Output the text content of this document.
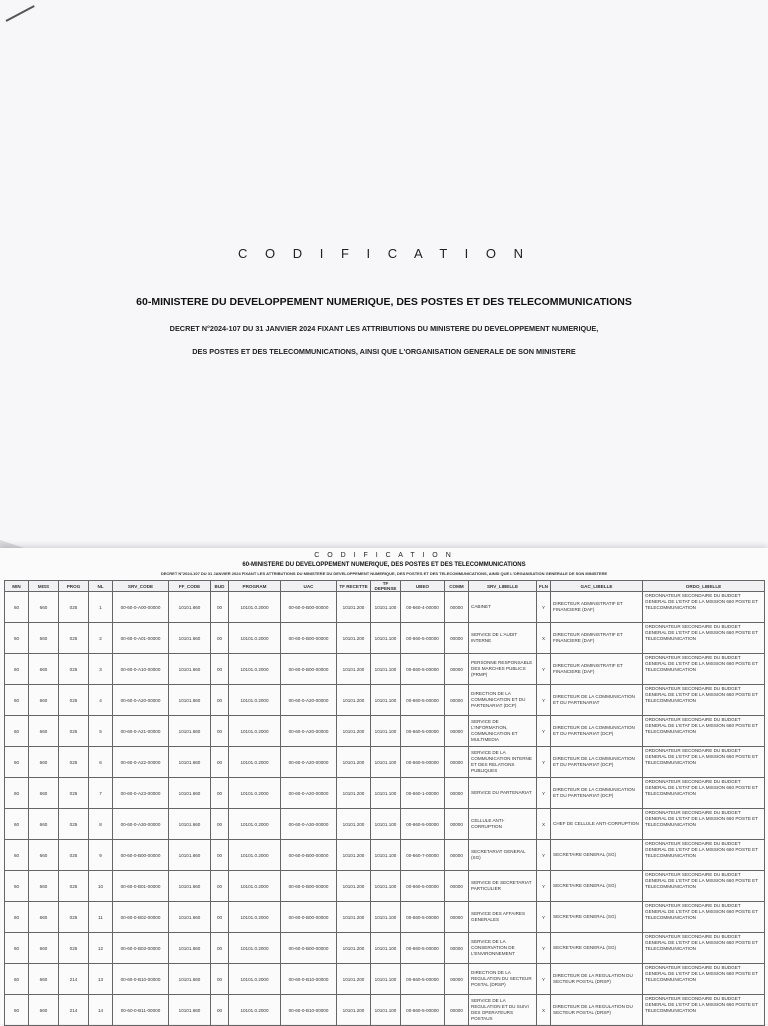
C O D I F I C A T I O N
60-MINISTERE DU DEVELOPPEMENT NUMERIQUE, DES POSTES ET DES TELECOMMUNICATIONS
DECRET N°2024-107 DU 31 JANVIER 2024 FIXANT LES ATTRIBUTIONS DU MINISTERE DU DEVELOPPEMENT NUMERIQUE,
DES POSTES ET DES TELECOMMUNICATIONS, AINSI QUE L'ORGANISATION GENERALE DE SON MINISTERE
C O D I F I C A T I O N
60-MINISTERE DU DEVELOPPEMENT NUMERIQUE, DES POSTES ET DES TELECOMMUNICATIONS
DECRET N°2024-107 DU 31 JANVIER 2024 FIXANT LES ATTRIBUTIONS DU MINISTERE DU DEVELOPPEMENT NUMERIQUE, DES POSTES ET DES TELECOMMUNICATIONS, AINSI QUE L'ORGANISATION GENERALE DE SON MINISTERE
MIN	MISS	PROG	NL	SRV_CODE	FF_CODE	BUD	PROGRAM	UAC	TF RECETTE	TF DEPENSE	UBEO	COMM	SRV_LIBELLE	FLN	GAC_LIBELLE	ORDO_LIBELLE
60	660	025	1	00-60-0-A00-00000	10101.660	00	10101.0.2000	00-60-0-B00-00000	10101.200	10101.100	00-660-4-00000	00000	CABINET	Y	DIRECTEUR ADMINISTRATIF ET FINANCIERE (DAF)	ORDONNATEUR SECONDAIRE DU BUDGET GENERAL DE L'ETAT DE LA MISSION 660 POSTE ET TELECOMMUNICATION
60	660	025	2	00-60-0-A01-00000	10101.660	00	10101.0.2000	00-60-0-B00-00000	10101.200	10101.100	00-660-5-00000	00000	SERVICE DE L'AUDIT INTERNE	X	DIRECTEUR ADMINISTRATIF ET FINANCIERE (DAF)	ORDONNATEUR SECONDAIRE DU BUDGET GENERAL DE L'ETAT DE LA MISSION 660 POSTE ET TELECOMMUNICATION
60	660	025	3	00-60-0-A10-00000	10101.660	00	10101.0.2000	00-60-0-B00-00000	10101.200	10101.100	00-660-5-00000	00000	PERSONNE RESPONSABLE DES MARCHES PUBLICS (PRMP)	Y	DIRECTEUR ADMINISTRATIF ET FINANCIERE (DAF)	ORDONNATEUR SECONDAIRE DU BUDGET GENERAL DE L'ETAT DE LA MISSION 660 POSTE ET TELECOMMUNICATION
60	660	025	4	00-60-0-A20-00000	10101.660	00	10101.0.2000	00-60-0-A20-00000	10101.200	10101.100	00-660-5-00000	00000	DIRECTION DE LA COMMUNICATION ET DU PARTENARIAT (DCP)	Y	DIRECTEUR DE LA COMMUNICATION ET DU PARTENARIAT	ORDONNATEUR SECONDAIRE DU BUDGET GENERAL DE L'ETAT DE LA MISSION 660 POSTE ET TELECOMMUNICATION
60	660	025	5	00-60-0-A21-00000	10101.660	00	10101.0.2000	00-60-0-A20-00000	10101.200	10101.100	00-660-5-00000	00000	SERVICE DE L'INFORMATION, COMMUNICATION ET MULTIMEDIA	Y	DIRECTEUR DE LA COMMUNICATION ET DU PARTENARIAT (DCP)	ORDONNATEUR SECONDAIRE DU BUDGET GENERAL DE L'ETAT DE LA MISSION 660 POSTE ET TELECOMMUNICATION
60	660	025	6	00-60-0-A22-00000	10101.660	00	10101.0.2000	00-60-0-A20-00000	10101.200	10101.100	00-660-5-00000	00000	SERVICE DE LA COMMUNICATION INTERNE ET DES RELATIONS PUBLIQUES	Y	DIRECTEUR DE LA COMMUNICATION ET DU PARTENARIAT (DCP)	ORDONNATEUR SECONDAIRE DU BUDGET GENERAL DE L'ETAT DE LA MISSION 660 POSTE ET TELECOMMUNICATION
60	660	025	7	00-60-0-A23-00000	10101.660	00	10101.0.2000	00-60-0-A20-00000	10101.200	10101.100	00-660-1-00000	00000	SERVICE DU PARTENARIAT	Y	DIRECTEUR DE LA COMMUNICATION ET DU PARTENARIAT (DCP)	ORDONNATEUR SECONDAIRE DU BUDGET GENERAL DE L'ETAT DE LA MISSION 660 POSTE ET TELECOMMUNICATION
60	660	025	8	00-60-0-A30-00000	10101.660	00	10101.0.2000	00-60-0-A30-00000	10101.200	10101.100	00-660-5-00000	00000	CELLULE ANTI-CORRUPTION	X	CHEF DE CELLULE ANTI-CORRUPTION	ORDONNATEUR SECONDAIRE DU BUDGET GENERAL DE L'ETAT DE LA MISSION 660 POSTE ET TELECOMMUNICATION
60	660	025	9	00-60-0-B00-00000	10101.660	00	10101.0.2000	00-60-0-B00-00000	10101.200	10101.100	00-660-7-00000	00000	SECRETARIAT GENERAL (SG)	Y	SECRETAIRE GENERAL (SG)	ORDONNATEUR SECONDAIRE DU BUDGET GENERAL DE L'ETAT DE LA MISSION 660 POSTE ET TELECOMMUNICATION
60	660	025	10	00-60-0-B01-00000	10101.660	00	10101.0.2000	00-60-0-B00-00000	10101.200	10101.100	00-660-5-00000	00000	SERVICE DE SECRETARIAT PARTICULIER	Y	SECRETAIRE GENERAL (SG)	ORDONNATEUR SECONDAIRE DU BUDGET GENERAL DE L'ETAT DE LA MISSION 660 POSTE ET TELECOMMUNICATION
60	660	025	11	00-60-0-B02-00000	10101.660	00	10101.0.2000	00-60-0-B00-00000	10101.200	10101.100	00-660-5-00000	00000	SERVICE DES AFFAIRES GENERALES	Y	SECRETAIRE GENERAL (SG)	ORDONNATEUR SECONDAIRE DU BUDGET GENERAL DE L'ETAT DE LA MISSION 660 POSTE ET TELECOMMUNICATION
60	660	025	12	00-60-0-B03-00000	10101.660	00	10101.0.2000	00-60-0-B00-00000	10101.200	10101.100	00-660-5-00000	00000	SERVICE DE LA CONSERVATION DE L'ENVIRONNEMENT	Y	SECRETAIRE GENERAL (SG)	ORDONNATEUR SECONDAIRE DU BUDGET GENERAL DE L'ETAT DE LA MISSION 660 POSTE ET TELECOMMUNICATION
60	660	214	13	00-60-0-B10-00000	10101.660	00	10101.0.2000	00-60-0-B10-00000	10101.200	10101.100	00-660-5-00000	00000	DIRECTION DE LA REGULATION DU SECTEUR POSTAL (DRSP)	Y	DIRECTEUR DE LA REGULATION DU SECTEUR POSTAL (DRSP)	ORDONNATEUR SECONDAIRE DU BUDGET GENERAL DE L'ETAT DE LA MISSION 660 POSTE ET TELECOMMUNICATION
60	660	214	14	00-60-0-B11-00000	10101.660	00	10101.0.2000	00-60-0-B10-00000	10101.200	10101.100	00-660-5-00000	00000	SERVICE DE LA REGULATION ET DU SUIVI DES OPERATEURS POSTAUX	X	DIRECTEUR DE LA REGULATION DU SECTEUR POSTAL (DRSP)	ORDONNATEUR SECONDAIRE DU BUDGET GENERAL DE L'ETAT DE LA MISSION 660 POSTE ET TELECOMMUNICATION
